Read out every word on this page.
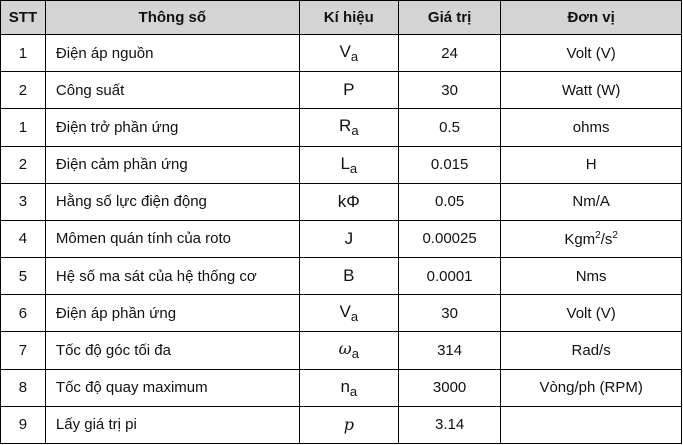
STT	Thông số	Kí hiệu	Giá trị	Đơn vị
1	Điện áp nguồn	Va	24	Volt (V)
2	Công suất	P	30	Watt (W)
1	Điện trở phần ứng	Ra	0.5	ohms
2	Điện cảm phần ứng	La	0.015	H
3	Hằng số lực điện động	kΦ	0.05	Nm/A
4	Mômen quán tính của roto	J	0.00025	$Kgm^2/s^2$
5	Hệ số ma sát của hệ thống cơ	B	0.0001	Nms
6	Điện áp phần ứng	Va	30	Volt (V)
7	Tốc độ góc tối đa	ωa	314	Rad/s
8	Tốc độ quay maximum	na	3000	Vòng/ph (RPM)
9	Lấy giá trị pi	p	3.14	
